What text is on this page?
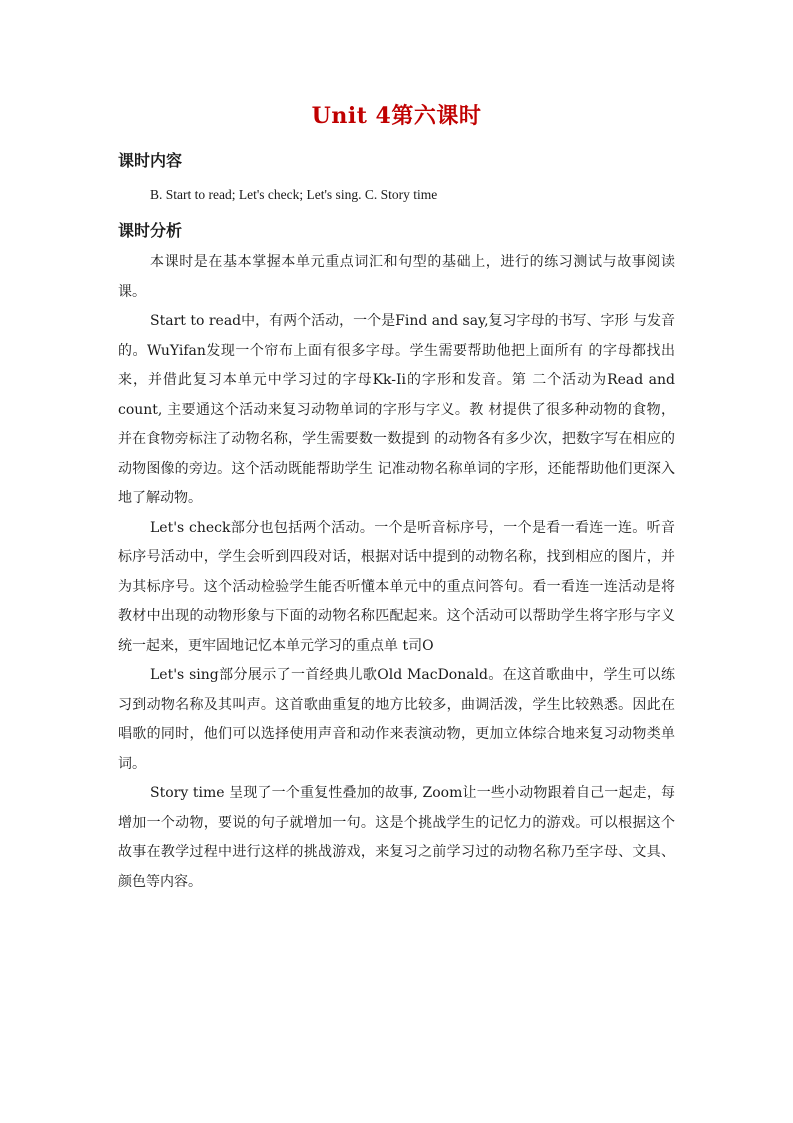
Unit 4第六课时
课时内容

B. Start to read; Let's check; Let's sing. C. Story time

课时分析

本课时是在基本掌握本单元重点词汇和句型的基础上，进行的练习测试与故事阅读课。

Start to read中，有两个活动，一个是Find and say,复习字母的书写、字形 与发音的。WuYifan发现一个帘布上面有很多字母。学生需要帮助他把上面所有 的字母都找出来，并借此复习本单元中学习过的字母Kk-Ii的字形和发音。第 二个活动为Read and count, 主要通这个活动来复习动物单词的字形与字义。教 材提供了很多种动物的食物，并在食物旁标注了动物名称，学生需要数一数提到 的动物各有多少次，把数字写在相应的动物图像的旁边。这个活动既能帮助学生 记准动物名称单词的字形，还能帮助他们更深入地了解动物。

Let's check部分也包括两个活动。一个是听音标序号，一个是看一看连一连。听音标序号活动中，学生会听到四段对话，根据对话中提到的动物名称，找到相应的图片，并为其标序号。这个活动检验学生能否听懂本单元中的重点问答句。看一看连一连活动是将教材中出现的动物形象与下面的动物名称匹配起来。这个活动可以帮助学生将字形与字义统一起来，更牢固地记忆本单元学习的重点单 t司O

Let's sing部分展示了一首经典儿歌Old MacDonald。在这首歌曲中，学生可以练习到动物名称及其叫声。这首歌曲重复的地方比较多，曲调活泼，学生比较熟悉。因此在唱歌的同时，他们可以选择使用声音和动作来表演动物，更加立体综合地来复习动物类单词。

Story time 呈现了一个重复性叠加的故事, Zoom让一些小动物跟着自己一起走，每增加一个动物，要说的句子就增加一句。这是个挑战学生的记忆力的游戏。可以根据这个故事在教学过程中进行这样的挑战游戏，来复习之前学习过的动物名称乃至字母、文具、颜色等内容。
